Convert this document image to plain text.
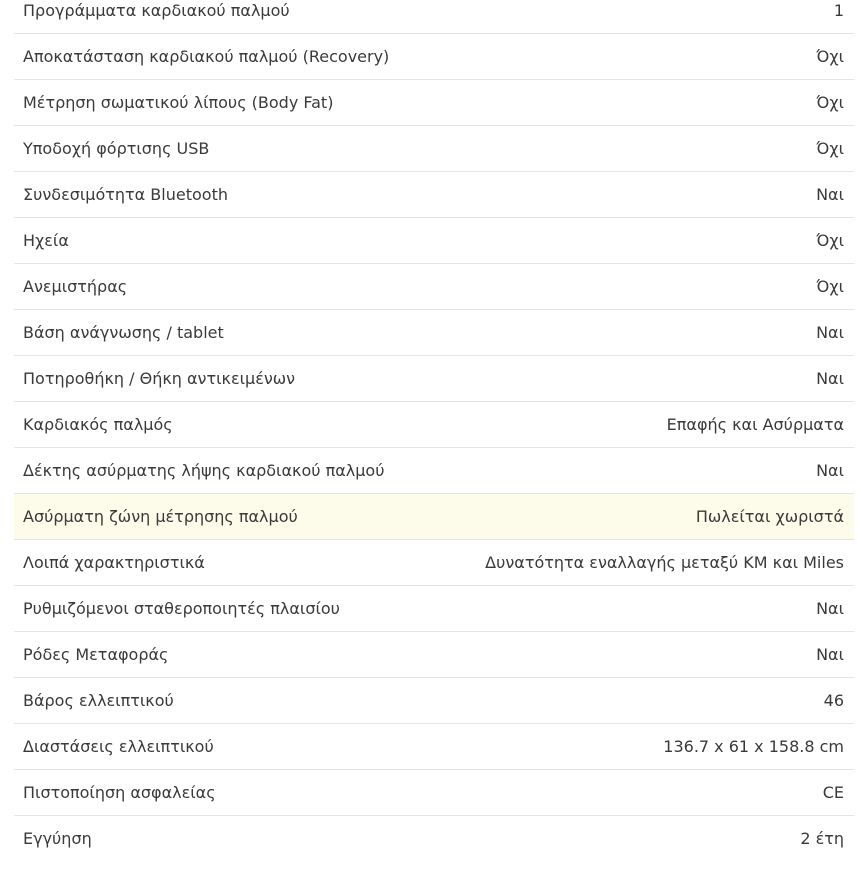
Προγράμματα καρδιακού παλμού	1
Αποκατάσταση καρδιακού παλμού (Recovery)	Όχι
Μέτρηση σωματικού λίπους (Body Fat)	Όχι
Υποδοχή φόρτισης USB	Όχι
Συνδεσιμότητα Bluetooth	Ναι
Ηχεία	Όχι
Ανεμιστήρας	Όχι
Βάση ανάγνωσης / tablet	Ναι
Ποτηροθήκη / Θήκη αντικειμένων	Ναι
Καρδιακός παλμός	Επαφής και Ασύρματα
Δέκτης ασύρματης λήψης καρδιακού παλμού	Ναι
Ασύρματη ζώνη μέτρησης παλμού	Πωλείται χωριστά
Λοιπά χαρακτηριστικά	Δυνατότητα εναλλαγής μεταξύ ΚΜ και Miles
Ρυθμιζόμενοι σταθεροποιητές πλαισίου	Ναι
Ρόδες Μεταφοράς	Ναι
Βάρος ελλειπτικού	46
Διαστάσεις ελλειπτικού	136.7 x 61 x 158.8 cm
Πιστοποίηση ασφαλείας	CE
Εγγύηση	2 έτη
